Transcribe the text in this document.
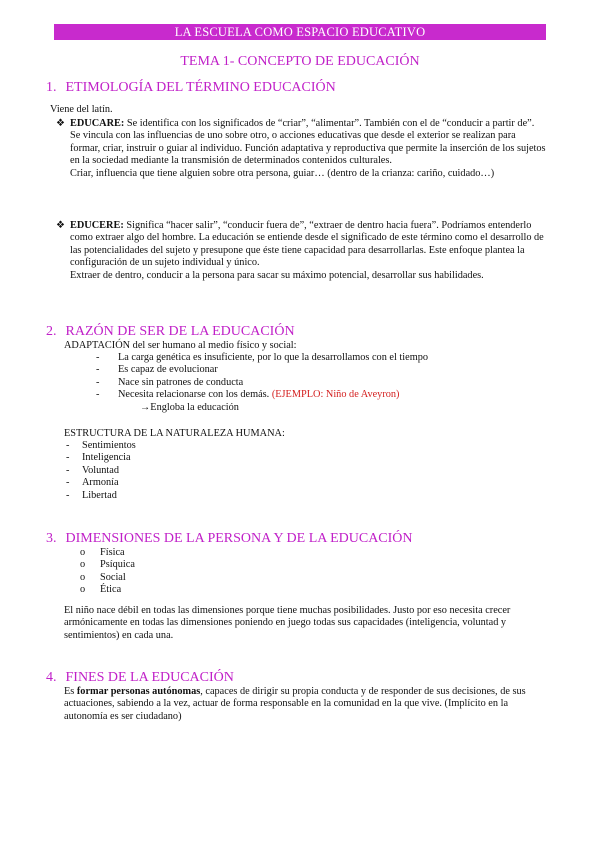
LA ESCUELA COMO ESPACIO EDUCATIVO
TEMA 1- CONCEPTO DE EDUCACIÓN
1. ETIMOLOGÍA DEL TÉRMINO EDUCACIÓN

Viene del latín.

❖ EDUCARE: Se identifica con los significados de “criar”, “alimentar”. También con el de “conducir a partir de”. Se vincula con las influencias de uno sobre otro, o acciones educativas que desde el exterior se realizan para formar, criar, instruir o guiar al individuo. Función adaptativa y reproductiva que permite la inserción de los sujetos en la sociedad mediante la transmisión de determinados contenidos culturales.

Criar, influencia que tiene alguien sobre otra persona, guiar… (dentro de la crianza: cariño, cuidado…)

❖ EDUCERE: Significa “hacer salir”, “conducir fuera de”, “extraer de dentro hacia fuera”. Podríamos entenderlo como extraer algo del hombre. La educación se entiende desde el significado de este término como el desarrollo de las potencialidades del sujeto y presupone que éste tiene capacidad para desarrollarlas. Este enfoque plantea la configuración de un sujeto individual y único.

Extraer de dentro, conducir a la persona para sacar su máximo potencial, desarrollar sus habilidades.

2. RAZÓN DE SER DE LA EDUCACIÓN

ADAPTACIÓN del ser humano al medio físico y social:

- La carga genética es insuficiente, por lo que la desarrollamos con el tiempo
- Es capaz de evolucionar
- Nace sin patrones de conducta
- Necesita relacionarse con los demás. (EJEMPLO: Niño de Aveyron)

→Engloba la educación

ESTRUCTURA DE LA NATURALEZA HUMANA:

- Sentimientos
- Inteligencia
- Voluntad
- Armonía
- Libertad
3. DIMENSIONES DE LA PERSONA Y DE LA EDUCACIÓN
o Física
o Psíquica
o Social
o Ética

El niño nace débil en todas las dimensiones porque tiene muchas posibilidades. Justo por eso necesita crecer armónicamente en todas las dimensiones poniendo en juego todas sus capacidades (inteligencia, voluntad y sentimientos) en cada una.

4. FINES DE LA EDUCACIÓN

Es formar personas autónomas, capaces de dirigir su propia conducta y de responder de sus decisiones, de sus actuaciones, sabiendo a la vez, actuar de forma responsable en la comunidad en la que vive. (Implícito en la autonomía es ser ciudadano)
